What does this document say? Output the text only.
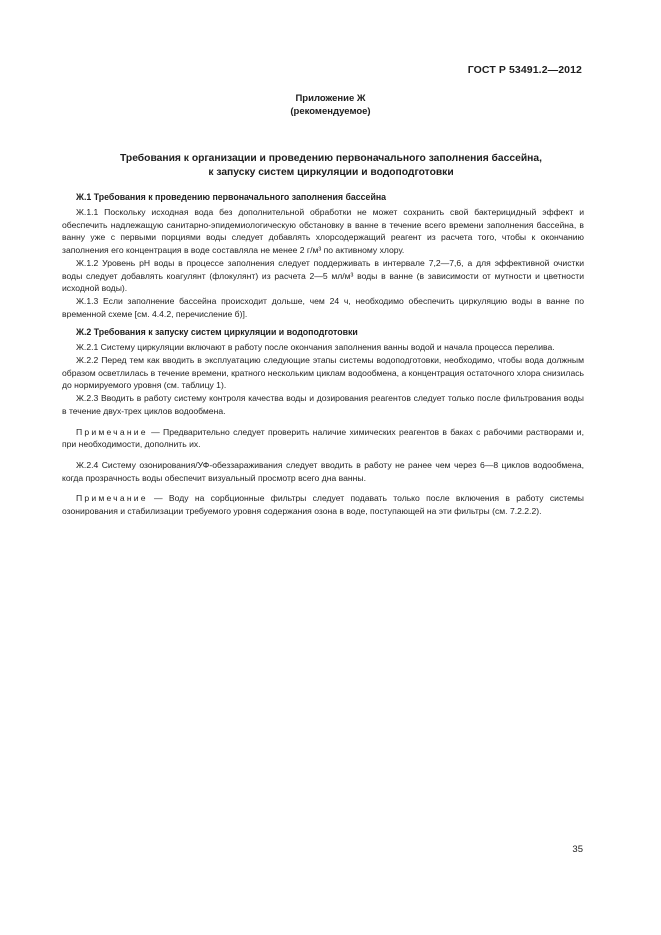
ГОСТ Р 53491.2—2012
Приложение Ж
(рекомендуемое)
Требования к организации и проведению первоначального заполнения бассейна,
к запуску систем циркуляции и водоподготовки
Ж.1 Требования к проведению первоначального заполнения бассейна

Ж.1.1 Поскольку исходная вода без дополнительной обработки не может сохранить свой бактерицидный эффект и обеспечить надлежащую санитарно-эпидемиологическую обстановку в ванне в течение всего времени заполнения бассейна, в ванну уже с первыми порциями воды следует добавлять хлорсодержащий реагент из расчета того, чтобы к окончанию заполнения его концентрация в воде составляла не менее 2 г/м³ по активному хлору.

Ж.1.2 Уровень pH воды в процессе заполнения следует поддерживать в интервале 7,2—7,6, а для эффективной очистки воды следует добавлять коагулянт (флокулянт) из расчета 2—5 мл/м³ воды в ванне (в зависимости от мутности и цветности исходной воды).

Ж.1.3 Если заполнение бассейна происходит дольше, чем 24 ч, необходимо обеспечить циркуляцию воды в ванне по временной схеме [см. 4.4.2, перечисление б)].

Ж.2 Требования к запуску систем циркуляции и водоподготовки

Ж.2.1 Систему циркуляции включают в работу после окончания заполнения ванны водой и начала процесса перелива.

Ж.2.2 Перед тем как вводить в эксплуатацию следующие этапы системы водоподготовки, необходимо, чтобы вода должным образом осветлилась в течение времени, кратного нескольким циклам водообмена, а концентрация остаточного хлора снизилась до нормируемого уровня (см. таблицу 1).

Ж.2.3 Вводить в работу систему контроля качества воды и дозирования реагентов следует только после фильтрования воды в течение двух-трех циклов водообмена.

Примечание — Предварительно следует проверить наличие химических реагентов в баках с рабочими растворами и, при необходимости, дополнить их.

Ж.2.4 Систему озонирования/УФ-обеззараживания следует вводить в работу не ранее чем через 6—8 циклов водообмена, когда прозрачность воды обеспечит визуальный просмотр всего дна ванны.

Примечание — Воду на сорбционные фильтры следует подавать только после включения в работу системы озонирования и стабилизации требуемого уровня содержания озона в воде, поступающей на эти фильтры (см. 7.2.2.2).

35
